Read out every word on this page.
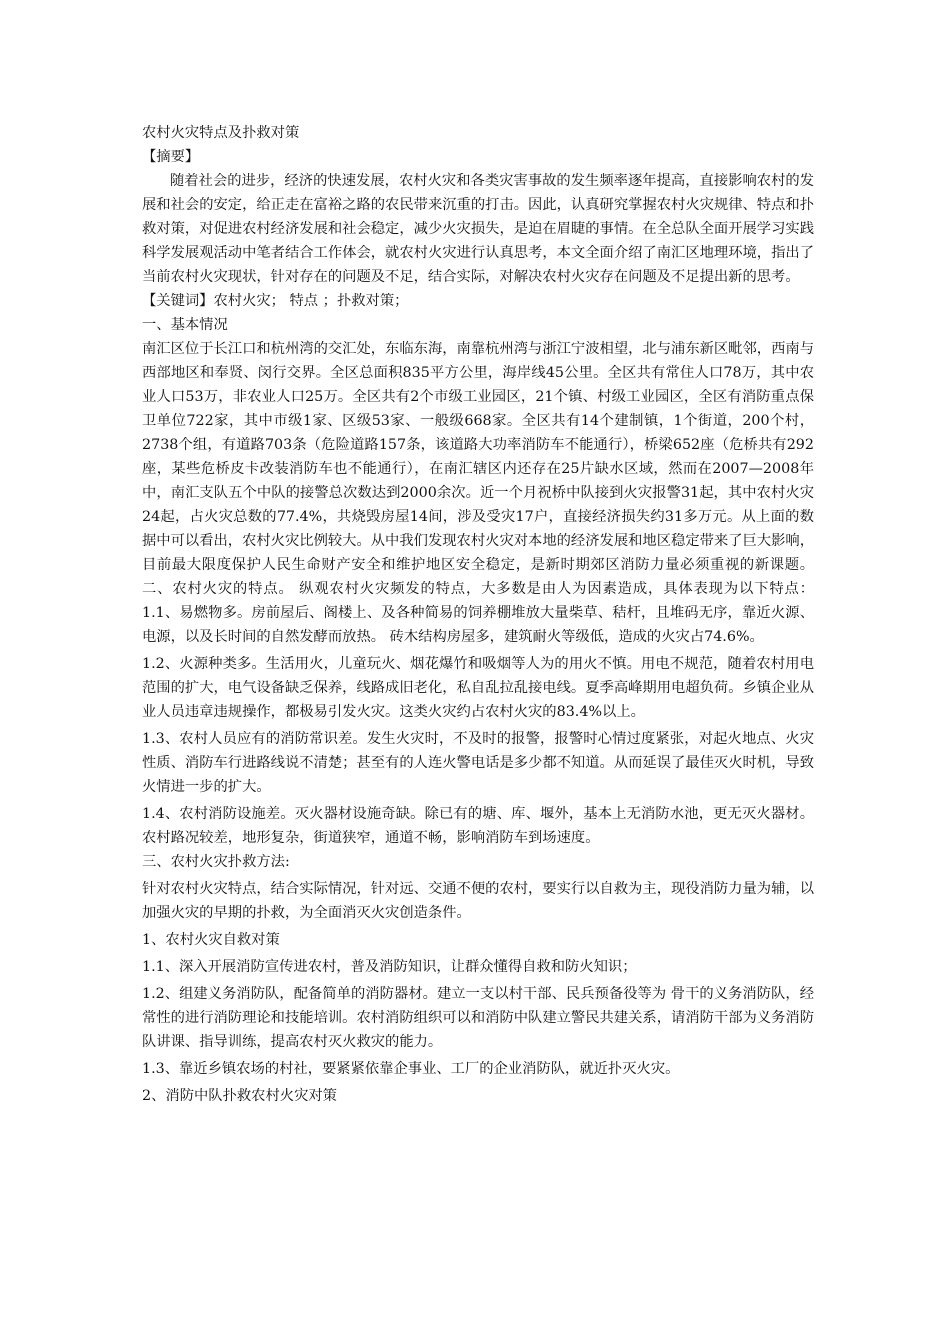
农村火灾特点及扑救对策

【摘要】

随着社会的进步，经济的快速发展，农村火灾和各类灾害事故的发生频率逐年提高，直接影响农村的发展和社会的安定，给正走在富裕之路的农民带来沉重的打击。因此，认真研究掌握农村火灾规律、特点和扑救对策，对促进农村经济发展和社会稳定，减少火灾损失，是迫在眉睫的事情。在全总队全面开展学习实践科学发展观活动中笔者结合工作体会，就农村火灾进行认真思考，本文全面介绍了南汇区地理环境，指出了当前农村火灾现状，针对存在的问题及不足，结合实际，对解决农村火灾存在问题及不足提出新的思考。

【关键词】农村火灾； 特点 ；扑救对策；

一、基本情况

南汇区位于长江口和杭州湾的交汇处，东临东海，南靠杭州湾与浙江宁波相望，北与浦东新区毗邻，西南与西部地区和奉贤、闵行交界。全区总面积835平方公里，海岸线45公里。全区共有常住人口78万，其中农业人口53万，非农业人口25万。全区共有2个市级工业园区，21个镇、村级工业园区，全区有消防重点保卫单位722家，其中市级1家、区级53家、一般级668家。全区共有14个建制镇，1个街道，200个村，2738个组，有道路703条（危险道路157条，该道路大功率消防车不能通行），桥梁652座（危桥共有292座，某些危桥皮卡改装消防车也不能通行），在南汇辖区内还存在25片缺水区域，然而在2007—2008年中，南汇支队五个中队的接警总次数达到2000余次。近一个月祝桥中队接到火灾报警31起，其中农村火灾24起，占火灾总数的77.4%，共烧毁房屋14间，涉及受灾17户，直接经济损失约31多万元。从上面的数据中可以看出，农村火灾比例较大。从中我们发现农村火灾对本地的经济发展和地区稳定带来了巨大影响，目前最大限度保护人民生命财产安全和维护地区安全稳定，是新时期郊区消防力量必须重视的新课题。 二、农村火灾的特点。 纵观农村火灾频发的特点，大多数是由人为因素造成，具体表现为以下特点： 1.1、易燃物多。房前屋后、阁楼上、及各种简易的饲养棚堆放大量柴草、秸杆，且堆码无序，靠近火源、电源，以及长时间的自然发酵而放热。 砖木结构房屋多，建筑耐火等级低，造成的火灾占74.6%。

1.2、火源种类多。生活用火，儿童玩火、烟花爆竹和吸烟等人为的用火不慎。用电不规范，随着农村用电范围的扩大，电气设备缺乏保养，线路成旧老化，私自乱拉乱接电线。夏季高峰期用电超负荷。乡镇企业从业人员违章违规操作，都极易引发火灾。这类火灾约占农村火灾的83.4%以上。

1.3、农村人员应有的消防常识差。发生火灾时，不及时的报警，报警时心情过度紧张，对起火地点、火灾性质、消防车行进路线说不清楚；甚至有的人连火警电话是多少都不知道。从而延误了最佳灭火时机，导致火情进一步的扩大。

1.4、农村消防设施差。灭火器材设施奇缺。除已有的塘、库、堰外，基本上无消防水池，更无灭火器材。农村路况较差，地形复杂，街道狭窄，通道不畅，影响消防车到场速度。

三、农村火灾扑救方法:

针对农村火灾特点，结合实际情况，针对远、交通不便的农村，要实行以自救为主，现役消防力量为辅，以加强火灾的早期的扑救，为全面消灭火灾创造条件。

1、农村火灾自救对策

1.1、深入开展消防宣传进农村，普及消防知识，让群众懂得自救和防火知识；

1.2、组建义务消防队，配备简单的消防器材。建立一支以村干部、民兵预备役等为 骨干的义务消防队，经常性的进行消防理论和技能培训。农村消防组织可以和消防中队建立警民共建关系，请消防干部为义务消防队讲课、指导训练，提高农村灭火救灾的能力。

1.3、靠近乡镇农场的村社，要紧紧依靠企事业、工厂的企业消防队，就近扑灭火灾。

2、消防中队扑救农村火灾对策
